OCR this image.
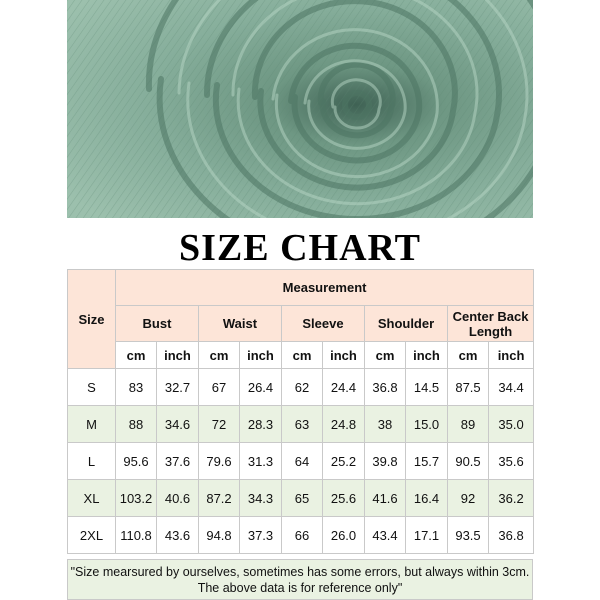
SIZE CHART
Size	Measurement									
	Bust		Waist		Sleeve		Shoulder		Center Back Length	
	cm	inch	cm	inch	cm	inch	cm	inch	cm	inch
S	83	32.7	67	26.4	62	24.4	36.8	14.5	87.5	34.4
M	88	34.6	72	28.3	63	24.8	38	15.0	89	35.0
L	95.6	37.6	79.6	31.3	64	25.2	39.8	15.7	90.5	35.6
XL	103.2	40.6	87.2	34.3	65	25.6	41.6	16.4	92	36.2
2XL	110.8	43.6	94.8	37.3	66	26.0	43.4	17.1	93.5	36.8
"Size mearsured by ourselves, sometimes has some errors, but always within 3cm.
The above data is for reference only"
